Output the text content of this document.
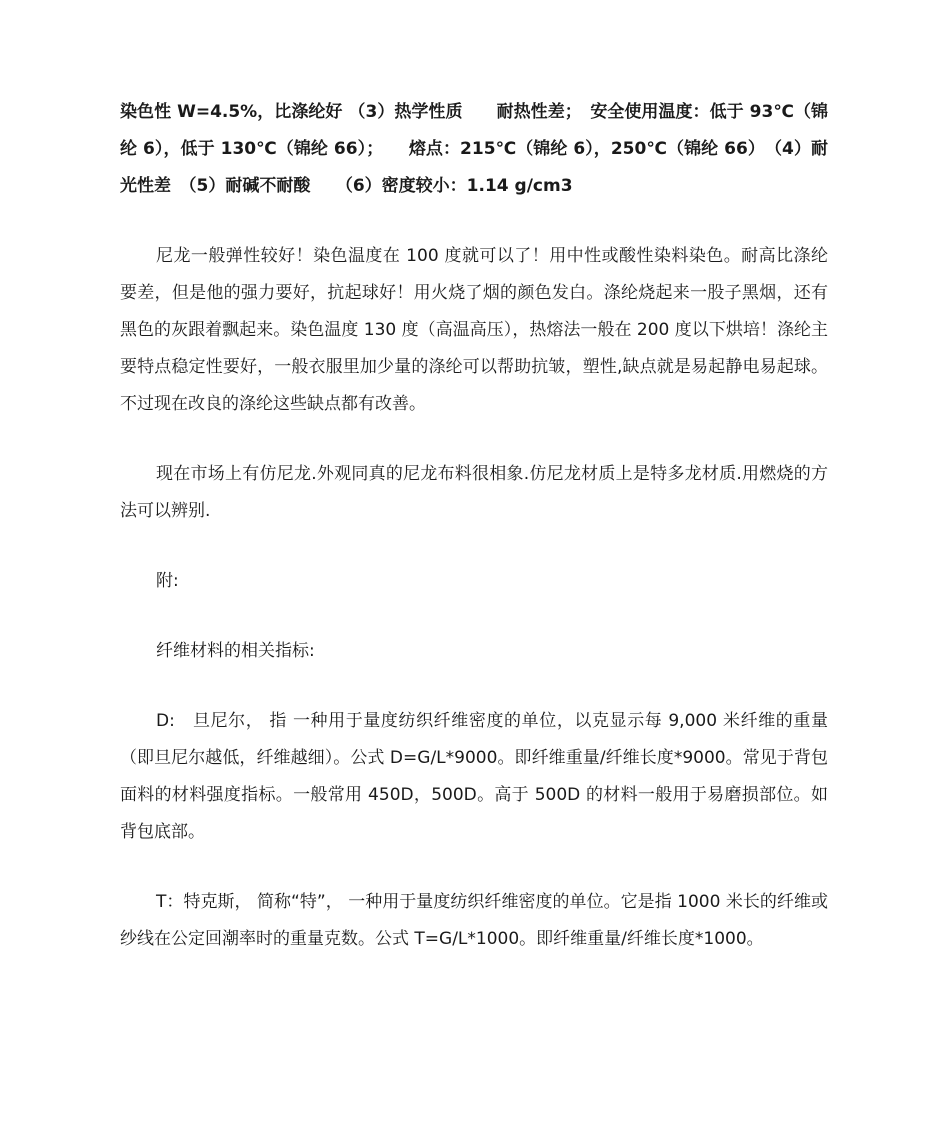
染色性 W=4.5%，比涤纶好 （3）热学性质　　耐热性差；　安全使用温度：低于 93℃（锦纶 6），低于 130℃（锦纶 66）；　　熔点：215℃（锦纶 6），250℃（锦纶 66）　（4）耐光性差　（5）耐碱不耐酸　　（6）密度较小：1.14 g/cm3

尼龙一般弹性较好！染色温度在 100 度就可以了！用中性或酸性染料染色。耐高比涤纶要差，但是他的强力要好，抗起球好！用火烧了烟的颜色发白。涤纶烧起来一股子黑烟，还有黑色的灰跟着飘起来。染色温度 130 度（高温高压），热熔法一般在 200 度以下烘培！涤纶主要特点稳定性要好，一般衣服里加少量的涤纶可以帮助抗皱，塑性,缺点就是易起静电易起球。不过现在改良的涤纶这些缺点都有改善。

现在市场上有仿尼龙.外观同真的尼龙布料很相象.仿尼龙材质上是特多龙材质.用燃烧的方法可以辨别.

附:

纤维材料的相关指标:

D:　旦尼尔， 指 一种用于量度纺织纤维密度的单位，以克显示每 9,000 米纤维的重量（即旦尼尔越低，纤维越细）。公式 D=G/L*9000。即纤维重量/纤维长度*9000。常见于背包面料的材料强度指标。一般常用 450D，500D。高于 500D 的材料一般用于易磨损部位。如背包底部。

T：特克斯， 简称“特”， 一种用于量度纺织纤维密度的单位。它是指 1000 米长的纤维或纱线在公定回潮率时的重量克数。公式 T=G/L*1000。即纤维重量/纤维长度*1000。
